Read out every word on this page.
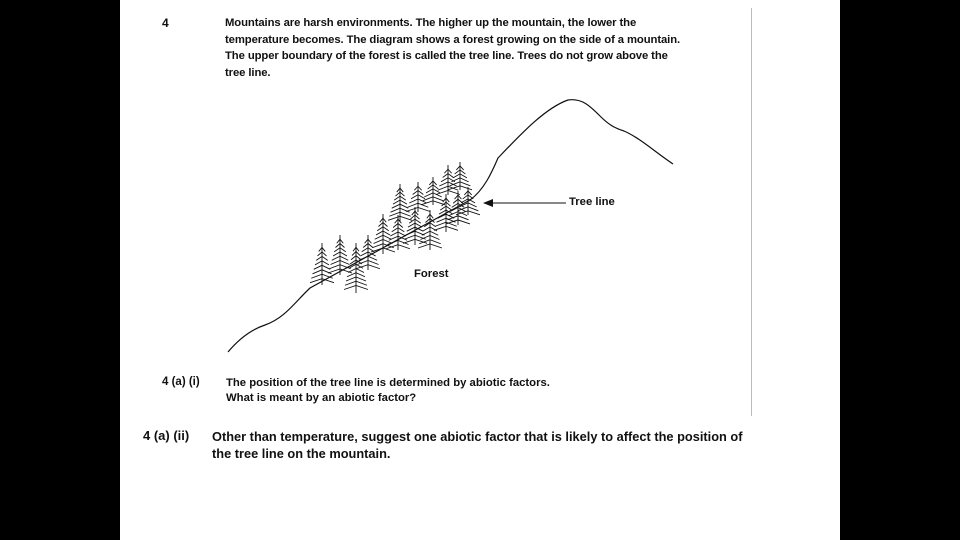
4	Mountains are harsh environments. The higher up the mountain, the lower the
temperature becomes. The diagram shows a forest growing on the side of a mountain.
The upper boundary of the forest is called the tree line. Trees do not grow above the
tree line.
Tree line
Forest
4 (a) (i) The position of the tree line is determined by abiotic factors.
What is meant by an abiotic factor?
4 (a) (ii) Other than temperature, suggest one abiotic factor that is likely to affect the position of
the tree line on the mountain.
